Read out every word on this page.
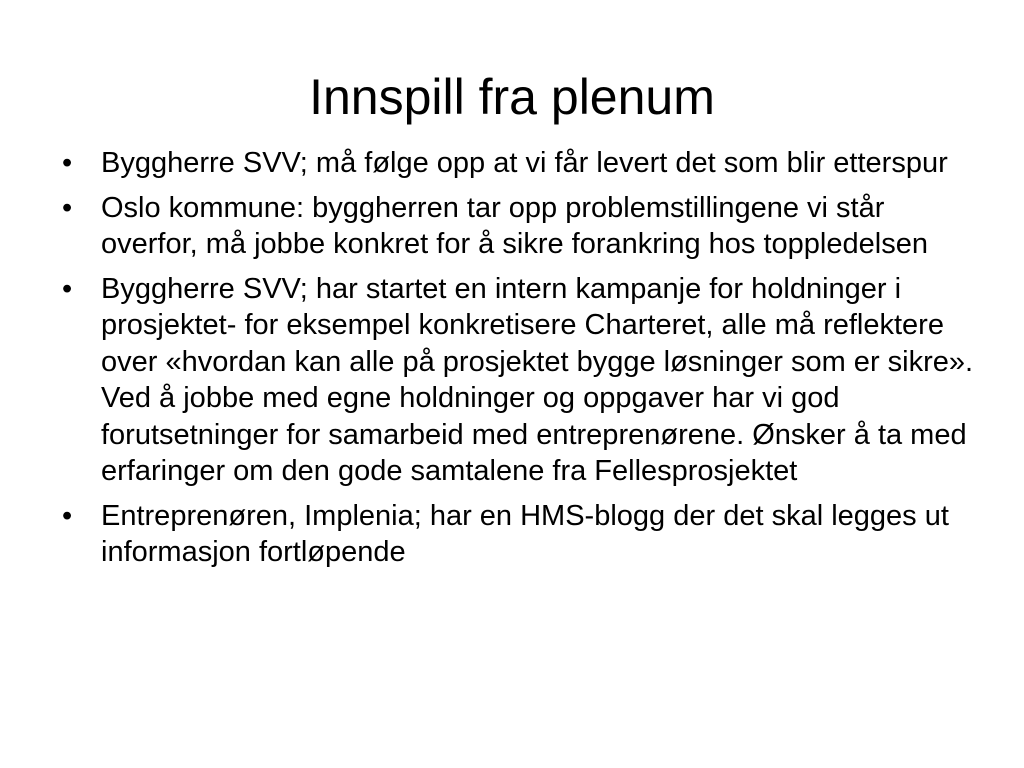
Innspill fra plenum
• Byggherre SVV; må følge opp at vi får levert det som blir etterspur
• Oslo kommune: byggherren tar opp problemstillingene vi står overfor, må jobbe konkret for å sikre forankring hos toppledelsen
• Byggherre SVV; har startet en intern kampanje for holdninger i prosjektet- for eksempel konkretisere Charteret, alle må reflektere over «hvordan kan alle på prosjektet bygge løsninger som er sikre». Ved å jobbe med egne holdninger og oppgaver har vi god forutsetninger for samarbeid med entreprenørene. Ønsker å ta med erfaringer om den gode samtalene fra Fellesprosjektet
• Entreprenøren, Implenia; har en HMS-blogg der det skal legges ut informasjon fortløpende
